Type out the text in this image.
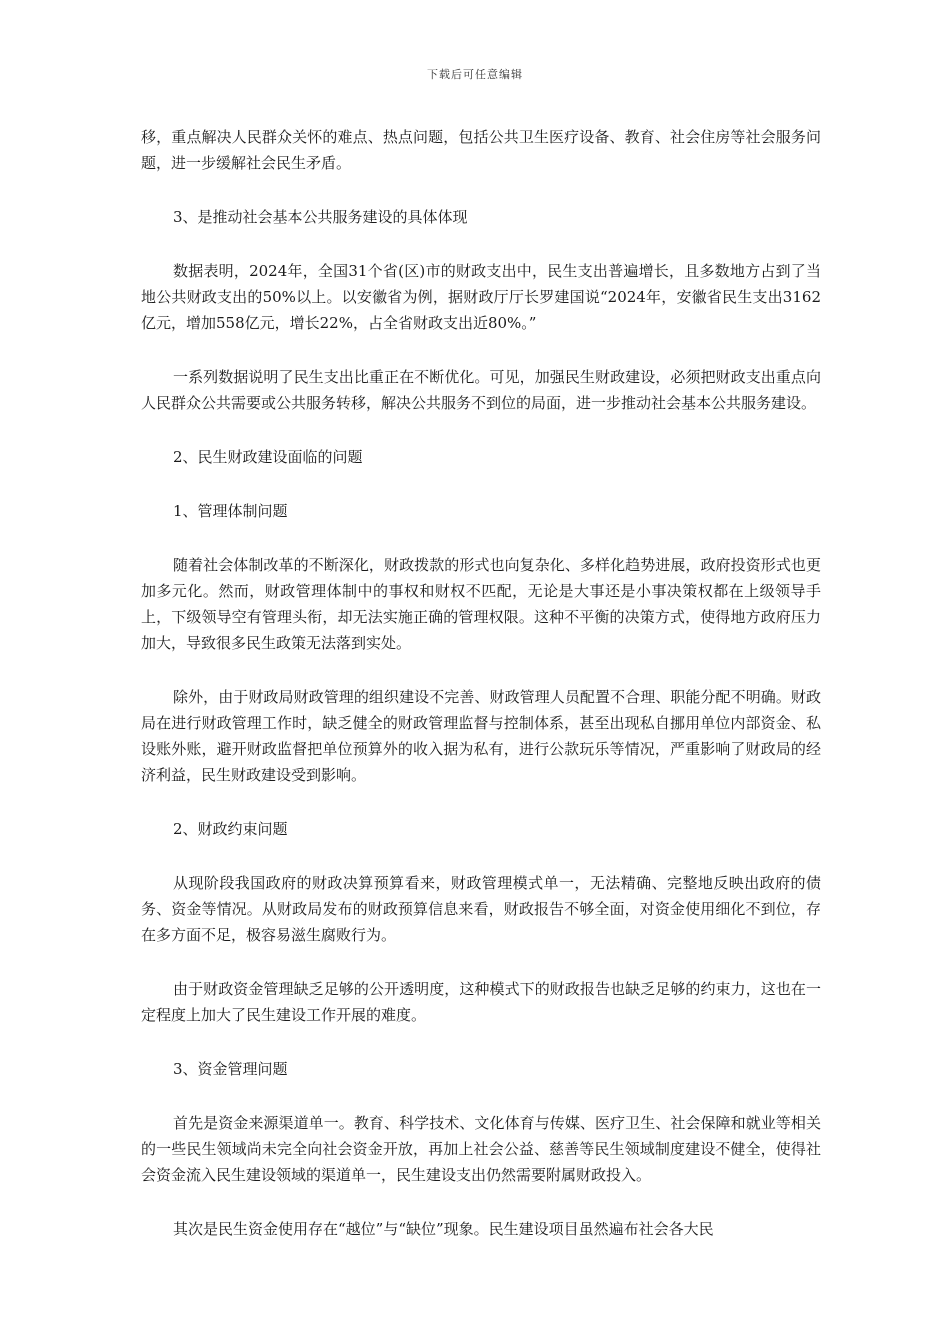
下载后可任意编辑

移，重点解决人民群众关怀的难点、热点问题，包括公共卫生医疗设备、教育、社会住房等社会服务问题，进一步缓解社会民生矛盾。

3、是推动社会基本公共服务建设的具体体现

数据表明，2024年，全国31个省(区)市的财政支出中，民生支出普遍增长，且多数地方占到了当地公共财政支出的50%以上。以安徽省为例，据财政厅厅长罗建国说“2024年，安徽省民生支出3162亿元，增加558亿元，增长22%，占全省财政支出近80%。”

一系列数据说明了民生支出比重正在不断优化。可见，加强民生财政建设，必须把财政支出重点向人民群众公共需要或公共服务转移，解决公共服务不到位的局面，进一步推动社会基本公共服务建设。

2、民生财政建设面临的问题

1、管理体制问题

随着社会体制改革的不断深化，财政拨款的形式也向复杂化、多样化趋势进展，政府投资形式也更加多元化。然而，财政管理体制中的事权和财权不匹配，无论是大事还是小事决策权都在上级领导手上，下级领导空有管理头衔，却无法实施正确的管理权限。这种不平衡的决策方式，使得地方政府压力加大，导致很多民生政策无法落到实处。

除外，由于财政局财政管理的组织建设不完善、财政管理人员配置不合理、职能分配不明确。财政局在进行财政管理工作时，缺乏健全的财政管理监督与控制体系，甚至出现私自挪用单位内部资金、私设账外账，避开财政监督把单位预算外的收入据为私有，进行公款玩乐等情况，严重影响了财政局的经济利益，民生财政建设受到影响。

2、财政约束问题

从现阶段我国政府的财政决算预算看来，财政管理模式单一，无法精确、完整地反映出政府的债务、资金等情况。从财政局发布的财政预算信息来看，财政报告不够全面，对资金使用细化不到位，存在多方面不足，极容易滋生腐败行为。

由于财政资金管理缺乏足够的公开透明度，这种模式下的财政报告也缺乏足够的约束力，这也在一定程度上加大了民生建设工作开展的难度。

3、资金管理问题

首先是资金来源渠道单一。教育、科学技术、文化体育与传媒、医疗卫生、社会保障和就业等相关的一些民生领域尚未完全向社会资金开放，再加上社会公益、慈善等民生领域制度建设不健全，使得社会资金流入民生建设领域的渠道单一，民生建设支出仍然需要附属财政投入。

其次是民生资金使用存在“越位”与“缺位”现象。民生建设项目虽然遍布社会各大民
